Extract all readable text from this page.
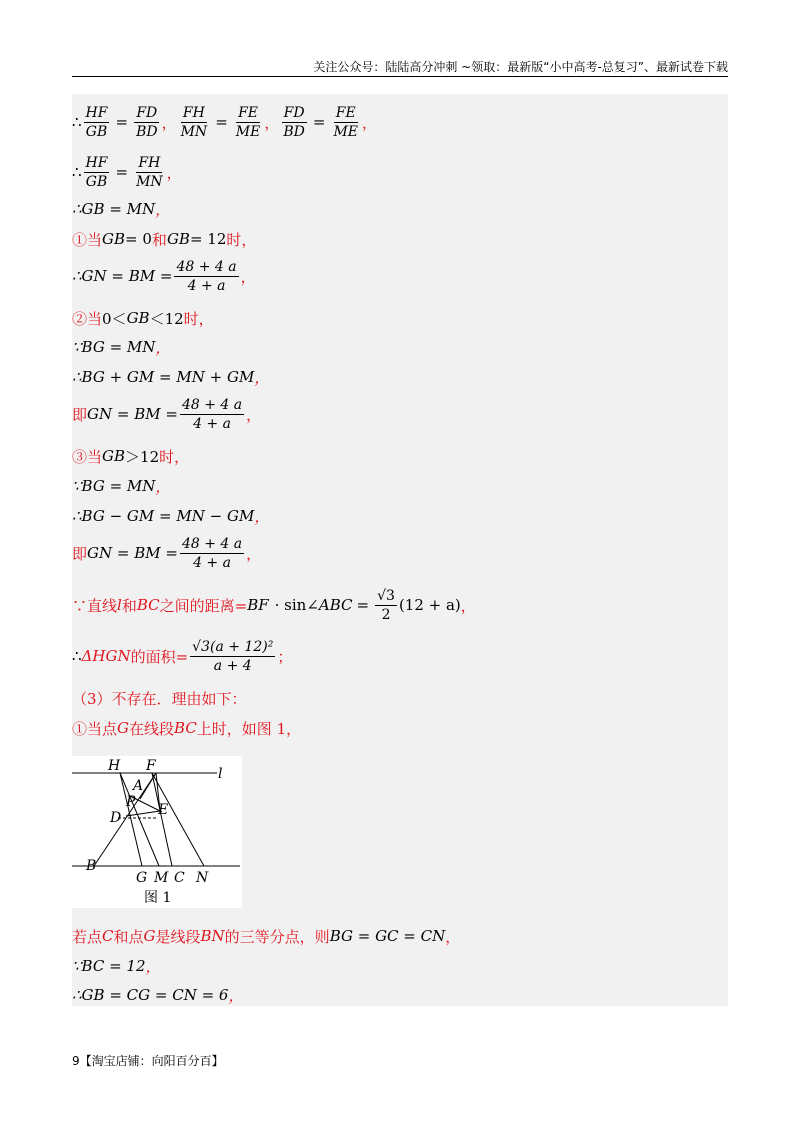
关注公众号：陆陆高分冲刺 ~领取：最新版“小中高考-总复习”、最新试卷下载
∴ $\frac{HF}{GB} = \frac{FD}{BD}$ ， $\frac{FH}{MN} = \frac{FE}{ME}$ ， $\frac{FD}{BD} = \frac{FE}{ME}$ ，
∴ $\frac{HF}{GB} = \frac{FH}{MN}$ ，
∴GB = MN ，
①当 GB = 0 和 GB = 12 时，
∴GN = BM = $\frac{48 + 4 a}{4 + a}$ ，
②当 0＜ GB ＜12 时，
∵BG = MN ，
∴BG + GM = MN + GM ，
即 GN = BM = $\frac{48 + 4 a}{4 + a}$ ，
③当 GB ＞12 时，
∵BG = MN ，
∴BG − GM = MN − GM ，
即 GN = BM = $\frac{48 + 4 a}{4 + a}$ ，
∵直线 l 和 BC 之间的距离= BF · sin∠ ABC = $\frac{√3}{2} (12 + a)$ ，
∴ ΔHGN 的面积= $\frac{\text{√3(a + 12)²}}{a + 4}$ ；
（3）不存在．理由如下：
①当点 G 在线段 BC 上时，如图 1，
H F	l
A
P
D	E
B
G M C N
图 1
若点 C 和点 G 是线段 BN 的三等分点，则 BG = GC = CN ，
∵BC = 12 ，
∴GB = CG = CN = 6 ，
9【淘宝店铺：向阳百分百】
